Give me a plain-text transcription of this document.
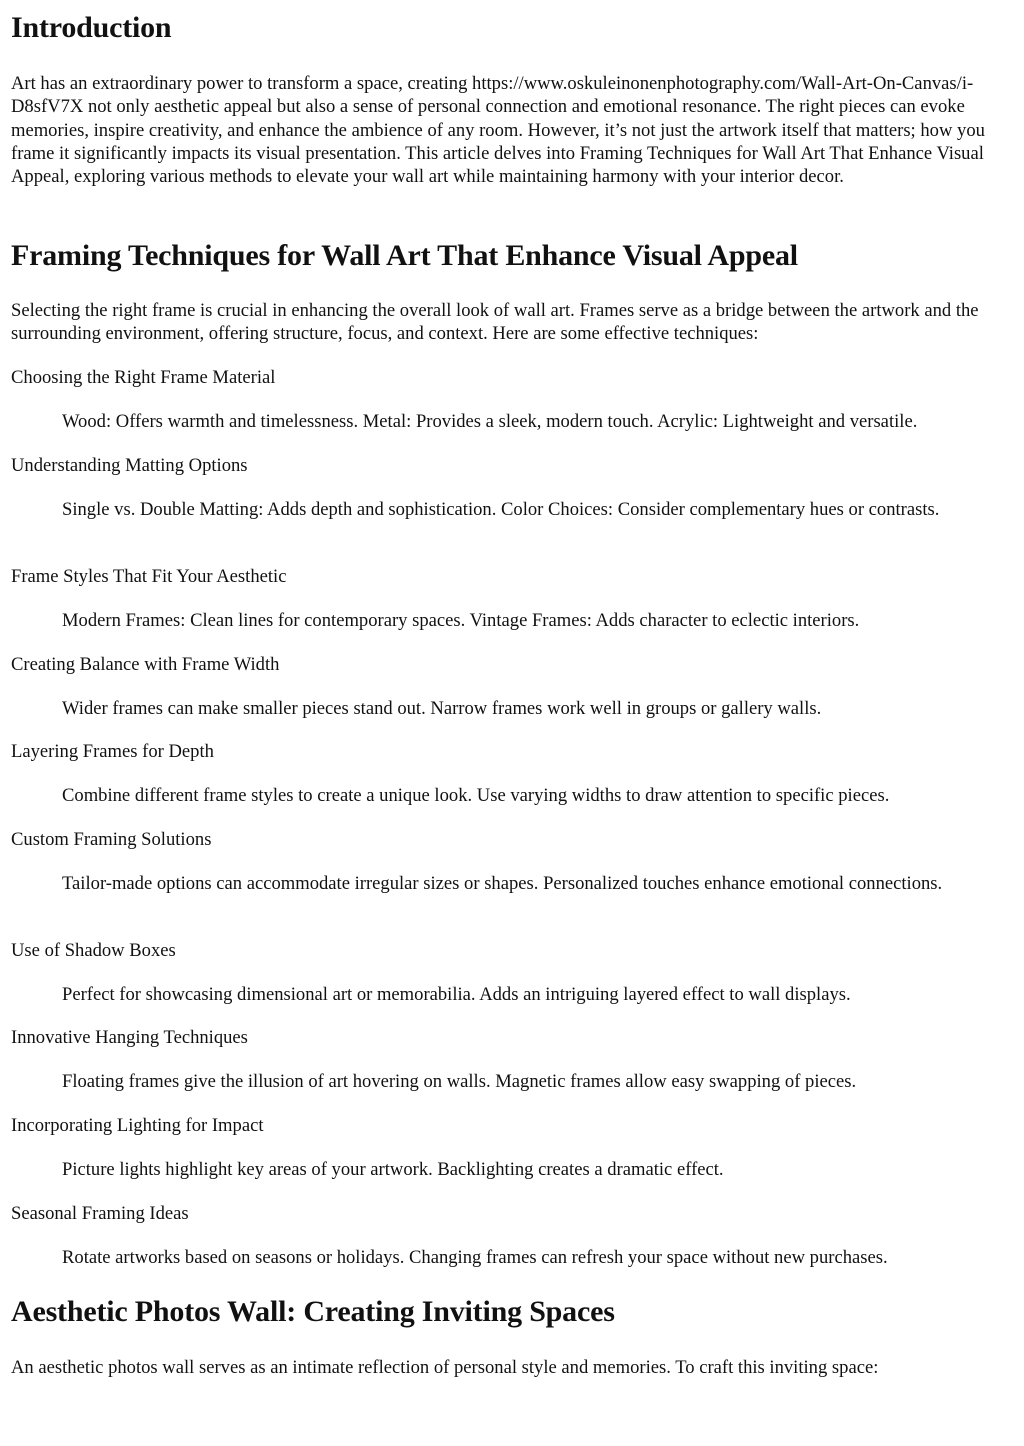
Introduction

Art has an extraordinary power to transform a space, creating https://www.oskuleinonenphotography.com/Wall-Art-On-Canvas/i-D8sfV7X not only aesthetic appeal but also a sense of personal connection and emotional resonance. The right pieces can evoke memories, inspire creativity, and enhance the ambience of any room. However, it’s not just the artwork itself that matters; how you frame it significantly impacts its visual presentation. This article delves into Framing Techniques for Wall Art That Enhance Visual Appeal, exploring various methods to elevate your wall art while maintaining harmony with your interior decor.

Framing Techniques for Wall Art That Enhance Visual Appeal

Selecting the right frame is crucial in enhancing the overall look of wall art. Frames serve as a bridge between the artwork and the surrounding environment, offering structure, focus, and context. Here are some effective techniques:

Choosing the Right Frame Material
Wood: Offers warmth and timelessness. Metal: Provides a sleek, modern touch. Acrylic: Lightweight and versatile.
Understanding Matting Options
Single vs. Double Matting: Adds depth and sophistication. Color Choices: Consider complementary hues or contrasts.
Frame Styles That Fit Your Aesthetic
Modern Frames: Clean lines for contemporary spaces. Vintage Frames: Adds character to eclectic interiors.
Creating Balance with Frame Width
Wider frames can make smaller pieces stand out. Narrow frames work well in groups or gallery walls.
Layering Frames for Depth
Combine different frame styles to create a unique look. Use varying widths to draw attention to specific pieces.
Custom Framing Solutions
Tailor-made options can accommodate irregular sizes or shapes. Personalized touches enhance emotional connections.
Use of Shadow Boxes
Perfect for showcasing dimensional art or memorabilia. Adds an intriguing layered effect to wall displays.
Innovative Hanging Techniques
Floating frames give the illusion of art hovering on walls. Magnetic frames allow easy swapping of pieces.
Incorporating Lighting for Impact
Picture lights highlight key areas of your artwork. Backlighting creates a dramatic effect.
Seasonal Framing Ideas
Rotate artworks based on seasons or holidays. Changing frames can refresh your space without new purchases.
Aesthetic Photos Wall: Creating Inviting Spaces

An aesthetic photos wall serves as an intimate reflection of personal style and memories. To craft this inviting space:
